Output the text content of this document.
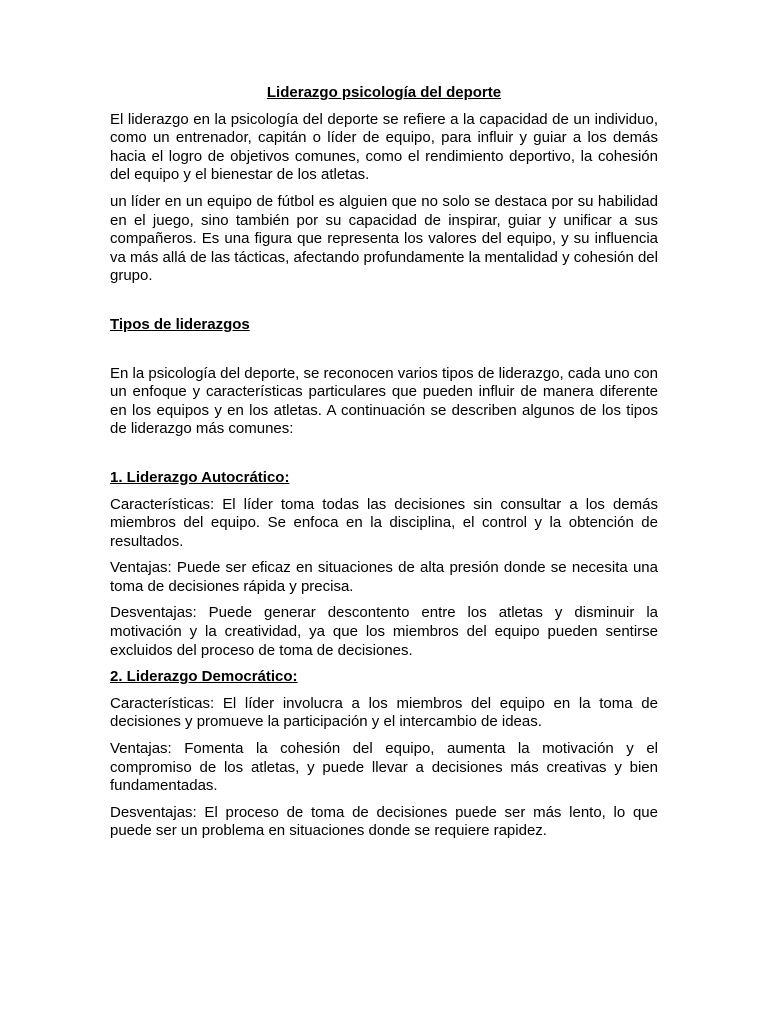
Liderazgo psicología del deporte

El liderazgo en la psicología del deporte se refiere a la capacidad de un individuo, como un entrenador, capitán o líder de equipo, para influir y guiar a los demás hacia el logro de objetivos comunes, como el rendimiento deportivo, la cohesión del equipo y el bienestar de los atletas.

un líder en un equipo de fútbol es alguien que no solo se destaca por su habilidad en el juego, sino también por su capacidad de inspirar, guiar y unificar a sus compañeros. Es una figura que representa los valores del equipo, y su influencia va más allá de las tácticas, afectando profundamente la mentalidad y cohesión del grupo.

Tipos de liderazgos

En la psicología del deporte, se reconocen varios tipos de liderazgo, cada uno con un enfoque y características particulares que pueden influir de manera diferente en los equipos y en los atletas. A continuación se describen algunos de los tipos de liderazgo más comunes:

1. Liderazgo Autocrático:

Características: El líder toma todas las decisiones sin consultar a los demás miembros del equipo. Se enfoca en la disciplina, el control y la obtención de resultados.

Ventajas: Puede ser eficaz en situaciones de alta presión donde se necesita una toma de decisiones rápida y precisa.

Desventajas: Puede generar descontento entre los atletas y disminuir la motivación y la creatividad, ya que los miembros del equipo pueden sentirse excluidos del proceso de toma de decisiones.

2. Liderazgo Democrático:

Características: El líder involucra a los miembros del equipo en la toma de decisiones y promueve la participación y el intercambio de ideas.

Ventajas: Fomenta la cohesión del equipo, aumenta la motivación y el compromiso de los atletas, y puede llevar a decisiones más creativas y bien fundamentadas.

Desventajas: El proceso de toma de decisiones puede ser más lento, lo que puede ser un problema en situaciones donde se requiere rapidez.
